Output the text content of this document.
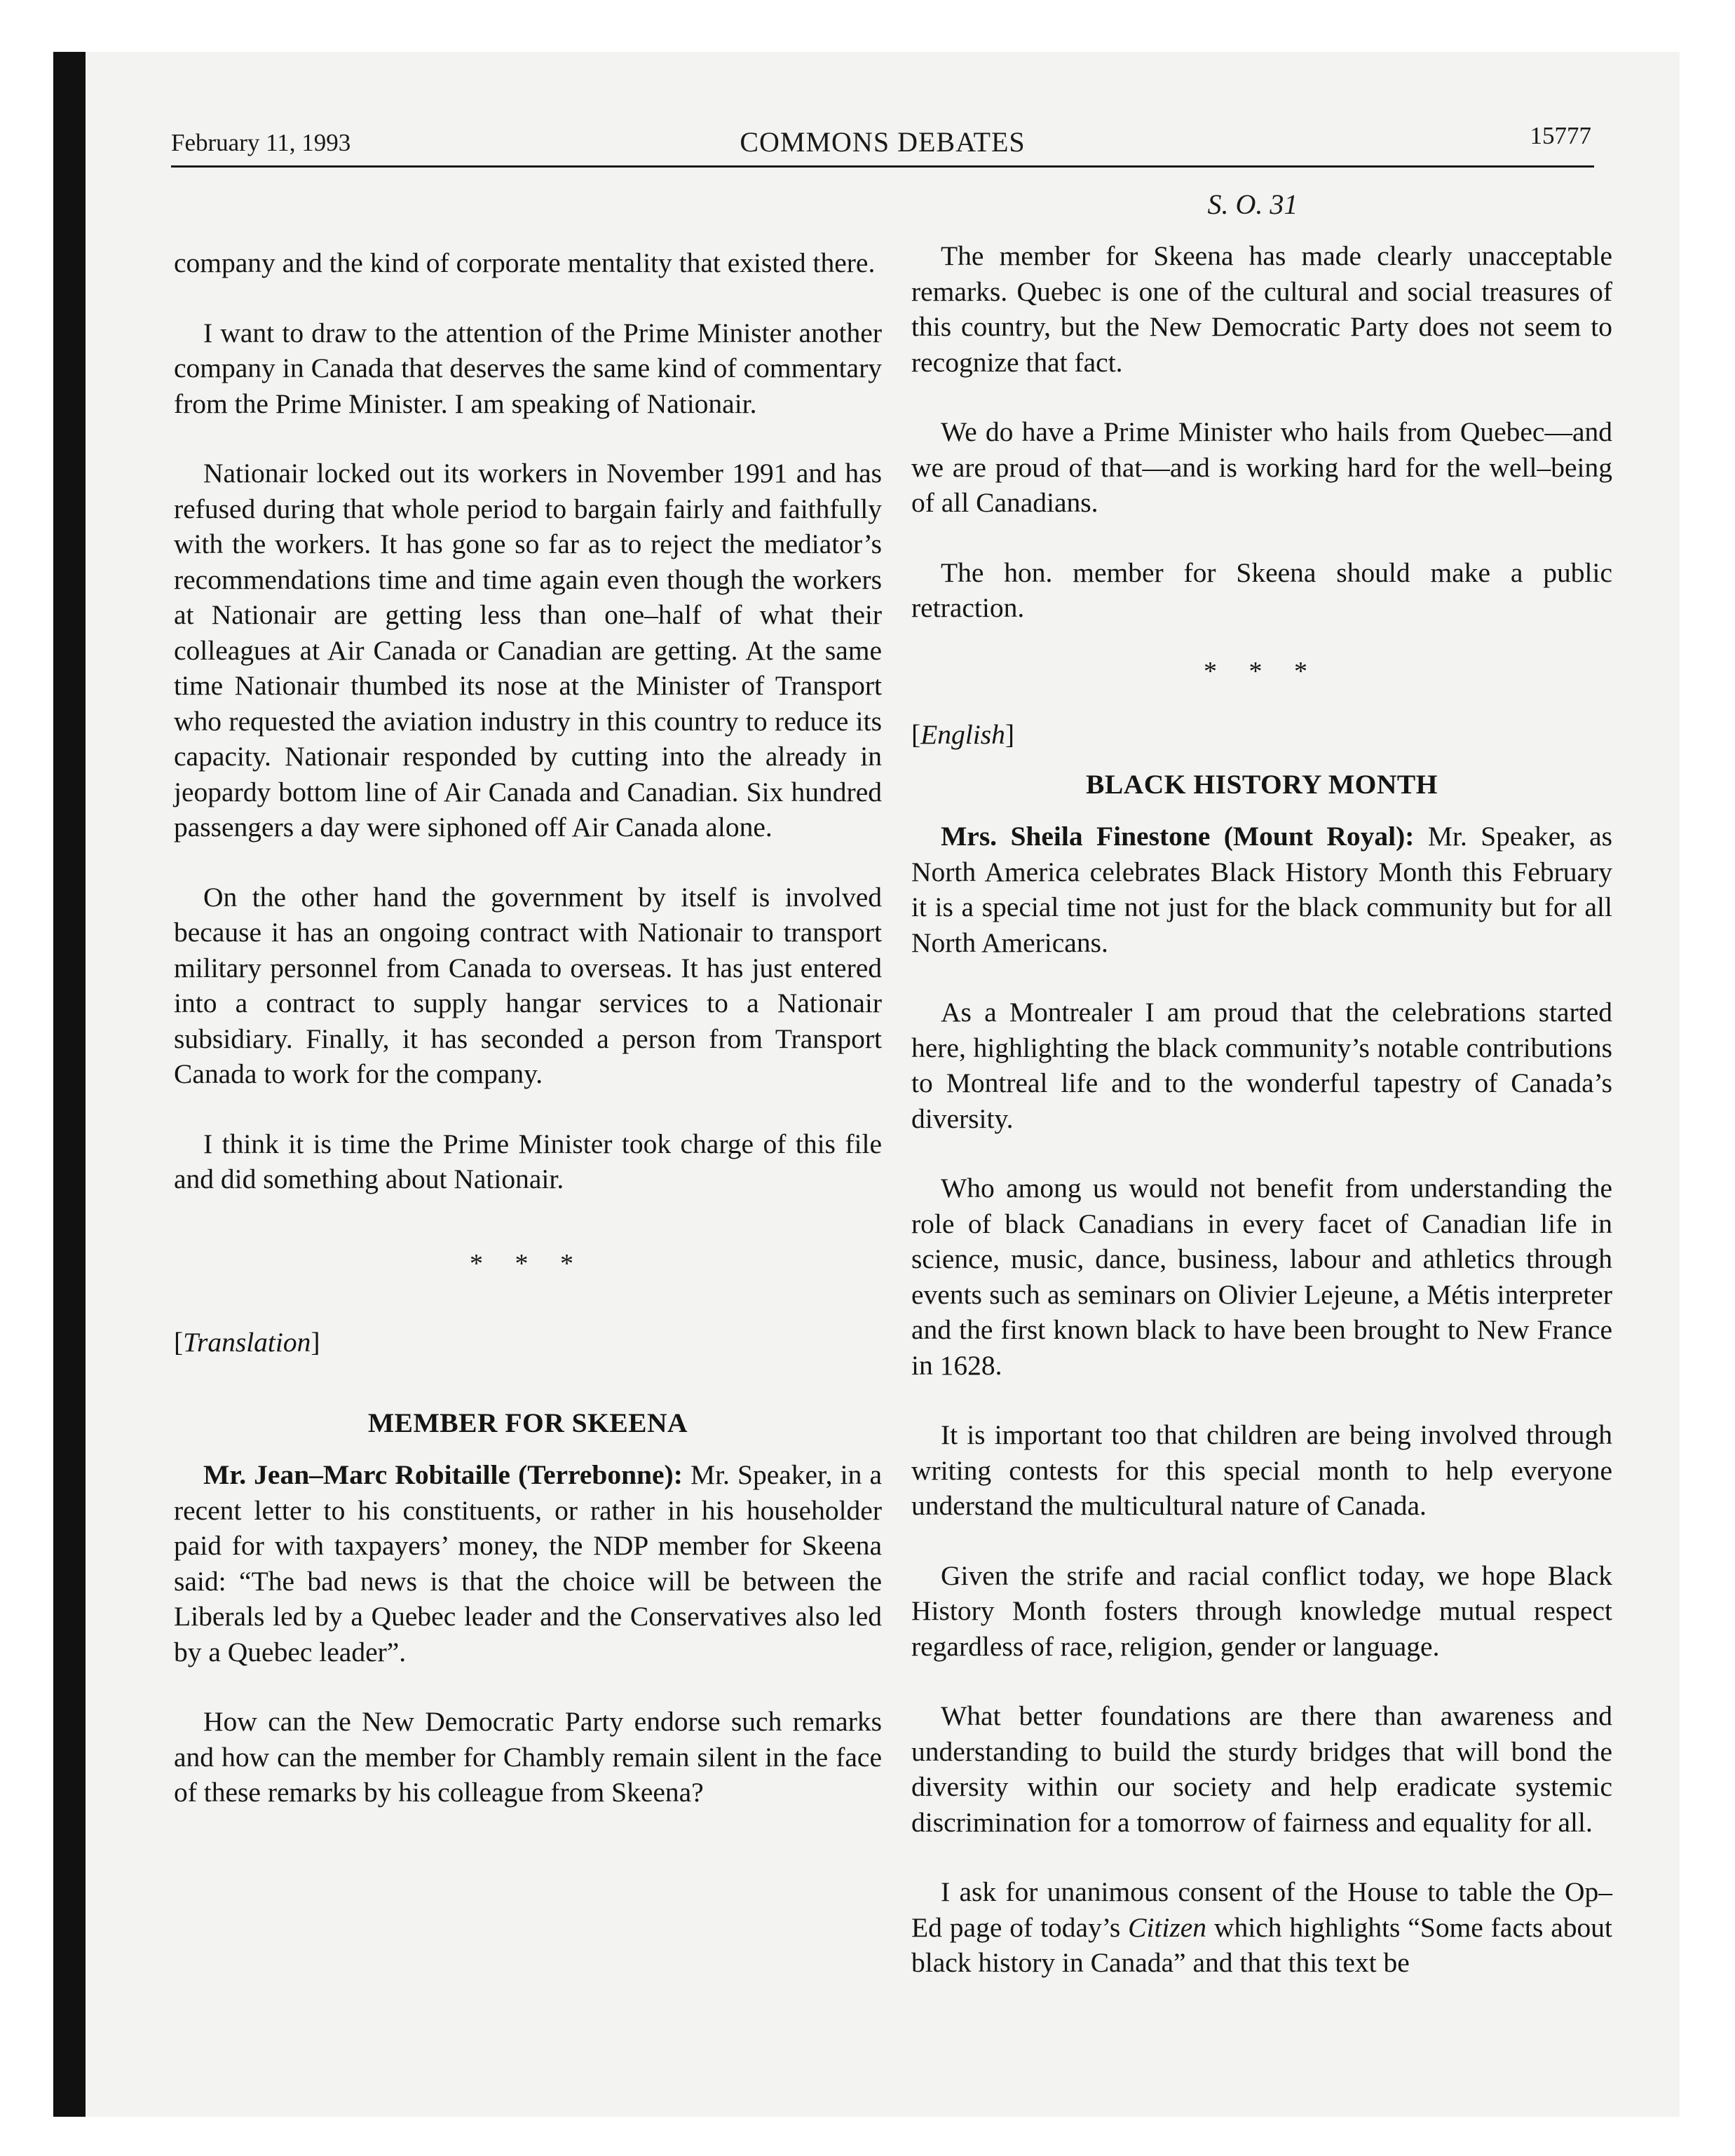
February 11, 1993	COMMONS DEBATES	15777
S. O. 31

company and the kind of corporate mentality that existed there.

I want to draw to the attention of the Prime Minister another company in Canada that deserves the same kind of commentary from the Prime Minister. I am speaking of Nationair.

Nationair locked out its workers in November 1991 and has refused during that whole period to bargain fairly and faithfully with the workers. It has gone so far as to reject the mediator’s recommendations time and time again even though the workers at Nationair are getting less than one–half of what their colleagues at Air Canada or Canadian are getting. At the same time Nationair thumbed its nose at the Minister of Transport who requested the aviation industry in this country to reduce its capacity. Nationair responded by cutting into the already in jeopardy bottom line of Air Canada and Canadian. Six hundred passengers a day were siphoned off Air Canada alone.

On the other hand the government by itself is involved because it has an ongoing contract with Nationair to transport military personnel from Canada to overseas. It has just entered into a contract to supply hangar services to a Nationair subsidiary. Finally, it has seconded a person from Transport Canada to work for the company.

I think it is time the Prime Minister took charge of this file and did something about Nationair.

* * *
[Translation]
MEMBER FOR SKEENA

Mr. Jean–Marc Robitaille (Terrebonne): Mr. Speaker, in a recent letter to his constituents, or rather in his householder paid for with taxpayers’ money, the NDP member for Skeena said: “The bad news is that the choice will be between the Liberals led by a Quebec leader and the Conservatives also led by a Quebec leader”.

How can the New Democratic Party endorse such remarks and how can the member for Chambly remain silent in the face of these remarks by his colleague from Skeena?

The member for Skeena has made clearly unacceptable remarks. Quebec is one of the cultural and social treasures of this country, but the New Democratic Party does not seem to recognize that fact.

We do have a Prime Minister who hails from Quebec—and we are proud of that—and is working hard for the well–being of all Canadians.

The hon. member for Skeena should make a public retraction.

* * *
[English]
BLACK HISTORY MONTH

Mrs. Sheila Finestone (Mount Royal): Mr. Speaker, as North America celebrates Black History Month this February it is a special time not just for the black community but for all North Americans.

As a Montrealer I am proud that the celebrations started here, highlighting the black community’s notable contributions to Montreal life and to the wonderful tapestry of Canada’s diversity.

Who among us would not benefit from understanding the role of black Canadians in every facet of Canadian life in science, music, dance, business, labour and athletics through events such as seminars on Olivier Lejeune, a Métis interpreter and the first known black to have been brought to New France in 1628.

It is important too that children are being involved through writing contests for this special month to help everyone understand the multicultural nature of Canada.

Given the strife and racial conflict today, we hope Black History Month fosters through knowledge mutual respect regardless of race, religion, gender or language.

What better foundations are there than awareness and understanding to build the sturdy bridges that will bond the diversity within our society and help eradicate systemic discrimination for a tomorrow of fairness and equality for all.

I ask for unanimous consent of the House to table the Op–Ed page of today’s Citizen which highlights “Some facts about black history in Canada” and that this text be
